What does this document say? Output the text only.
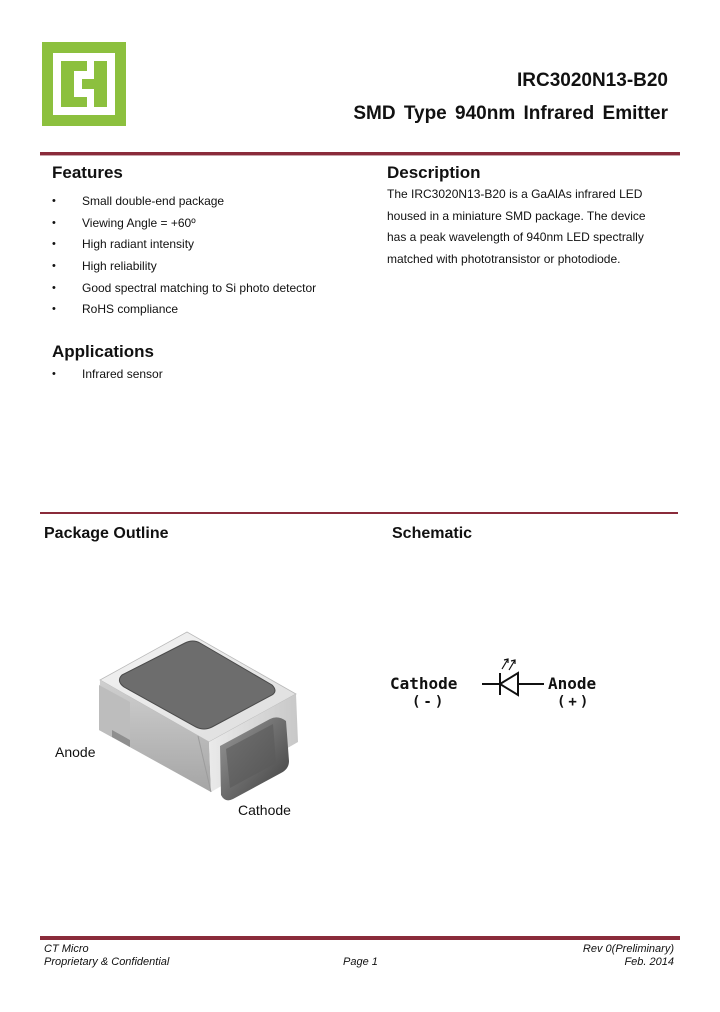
IRC3020N13-B20
SMD Type 940nm Infrared Emitter
Features
• Small double-end package
• Viewing Angle = +60º
• High radiant intensity
• High reliability
• Good spectral matching to Si photo detector
• RoHS compliance
Description
The IRC3020N13-B20 is a GaAlAs infrared LED
housed in a miniature SMD package. The device
has a peak wavelength of 940nm LED spectrally
matched with phototransistor or photodiode.
Applications
• Infrared sensor
Package Outline
Anode
Cathode
Schematic
Cathode
(-)
Anode
(+)
CT Micro
Proprietary & Confidential	Page 1
Rev 0(Preliminary)
Feb. 2014
